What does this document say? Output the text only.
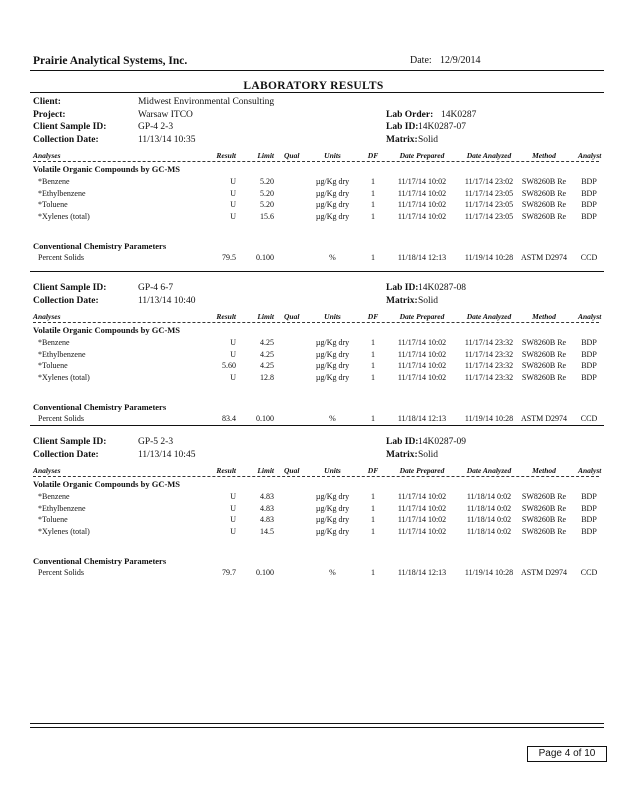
Prairie Analytical Systems, Inc.	Date: 12/9/2014
LABORATORY RESULTS
Client:	Midwest Environmental Consulting
Project:	Warsaw ITCO	Lab Order: 14K0287
Client Sample ID:	GP-4 2-3	Lab ID: 14K0287-07
Collection Date:	11/13/14 10:35	Matrix: Solid
Analyses	Result	Limit Qual	Units	DF	Date Prepared	Date Analyzed	Method	Analyst
Volatile Organic Compounds by GC-MS
*Benzene	U	5.20	µg/Kg dry	1	11/17/14 10:02	11/17/14 23:02	SW8260B Re	BDP
*Ethylbenzene	U	5.20	µg/Kg dry	1	11/17/14 10:02	11/17/14 23:05	SW8260B Re	BDP
*Toluene	U	5.20	µg/Kg dry	1	11/17/14 10:02	11/17/14 23:05	SW8260B Re	BDP
*Xylenes (total)	U	15.6	µg/Kg dry	1	11/17/14 10:02	11/17/14 23:05	SW8260B Re	BDP
Conventional Chemistry Parameters
Percent Solids	79.5	0.100	%	1	11/18/14 12:13	11/19/14 10:28 ASTM D2974	CCD
Client Sample ID:	GP-4 6-7	Lab ID: 14K0287-08
Collection Date:	11/13/14 10:40	Matrix: Solid
Analyses	Result	Limit Qual	Units	DF	Date Prepared	Date Analyzed	Method	Analyst
Volatile Organic Compounds by GC-MS
*Benzene	U	4.25	µg/Kg dry	1	11/17/14 10:02	11/17/14 23:32	SW8260B Re	BDP
*Ethylbenzene	U	4.25	µg/Kg dry	1	11/17/14 10:02	11/17/14 23:32	SW8260B Re	BDP
*Toluene	5.60	4.25	µg/Kg dry	1	11/17/14 10:02	11/17/14 23:32	SW8260B Re	BDP
*Xylenes (total)	U	12.8	µg/Kg dry	1	11/17/14 10:02	11/17/14 23:32	SW8260B Re	BDP
Conventional Chemistry Parameters
Percent Solids	83.4	0.100	%	1	11/18/14 12:13	11/19/14 10:28 ASTM D2974	CCD
Client Sample ID:	GP-5 2-3	Lab ID: 14K0287-09
Collection Date:	11/13/14 10:45	Matrix: Solid
Analyses	Result	Limit Qual	Units	DF	Date Prepared	Date Analyzed	Method	Analyst
Volatile Organic Compounds by GC-MS
*Benzene	U	4.83	µg/Kg dry	1	11/17/14 10:02	11/18/14 0:02	SW8260B Re	BDP
*Ethylbenzene	U	4.83	µg/Kg dry	1	11/17/14 10:02	11/18/14 0:02	SW8260B Re	BDP
*Toluene	U	4.83	µg/Kg dry	1	11/17/14 10:02	11/18/14 0:02	SW8260B Re	BDP
*Xylenes (total)	U	14.5	µg/Kg dry	1	11/17/14 10:02	11/18/14 0:02	SW8260B Re	BDP
Conventional Chemistry Parameters
Percent Solids	79.7	0.100	%	1	11/18/14 12:13	11/19/14 10:28 ASTM D2974	CCD
Page 4 of 10
